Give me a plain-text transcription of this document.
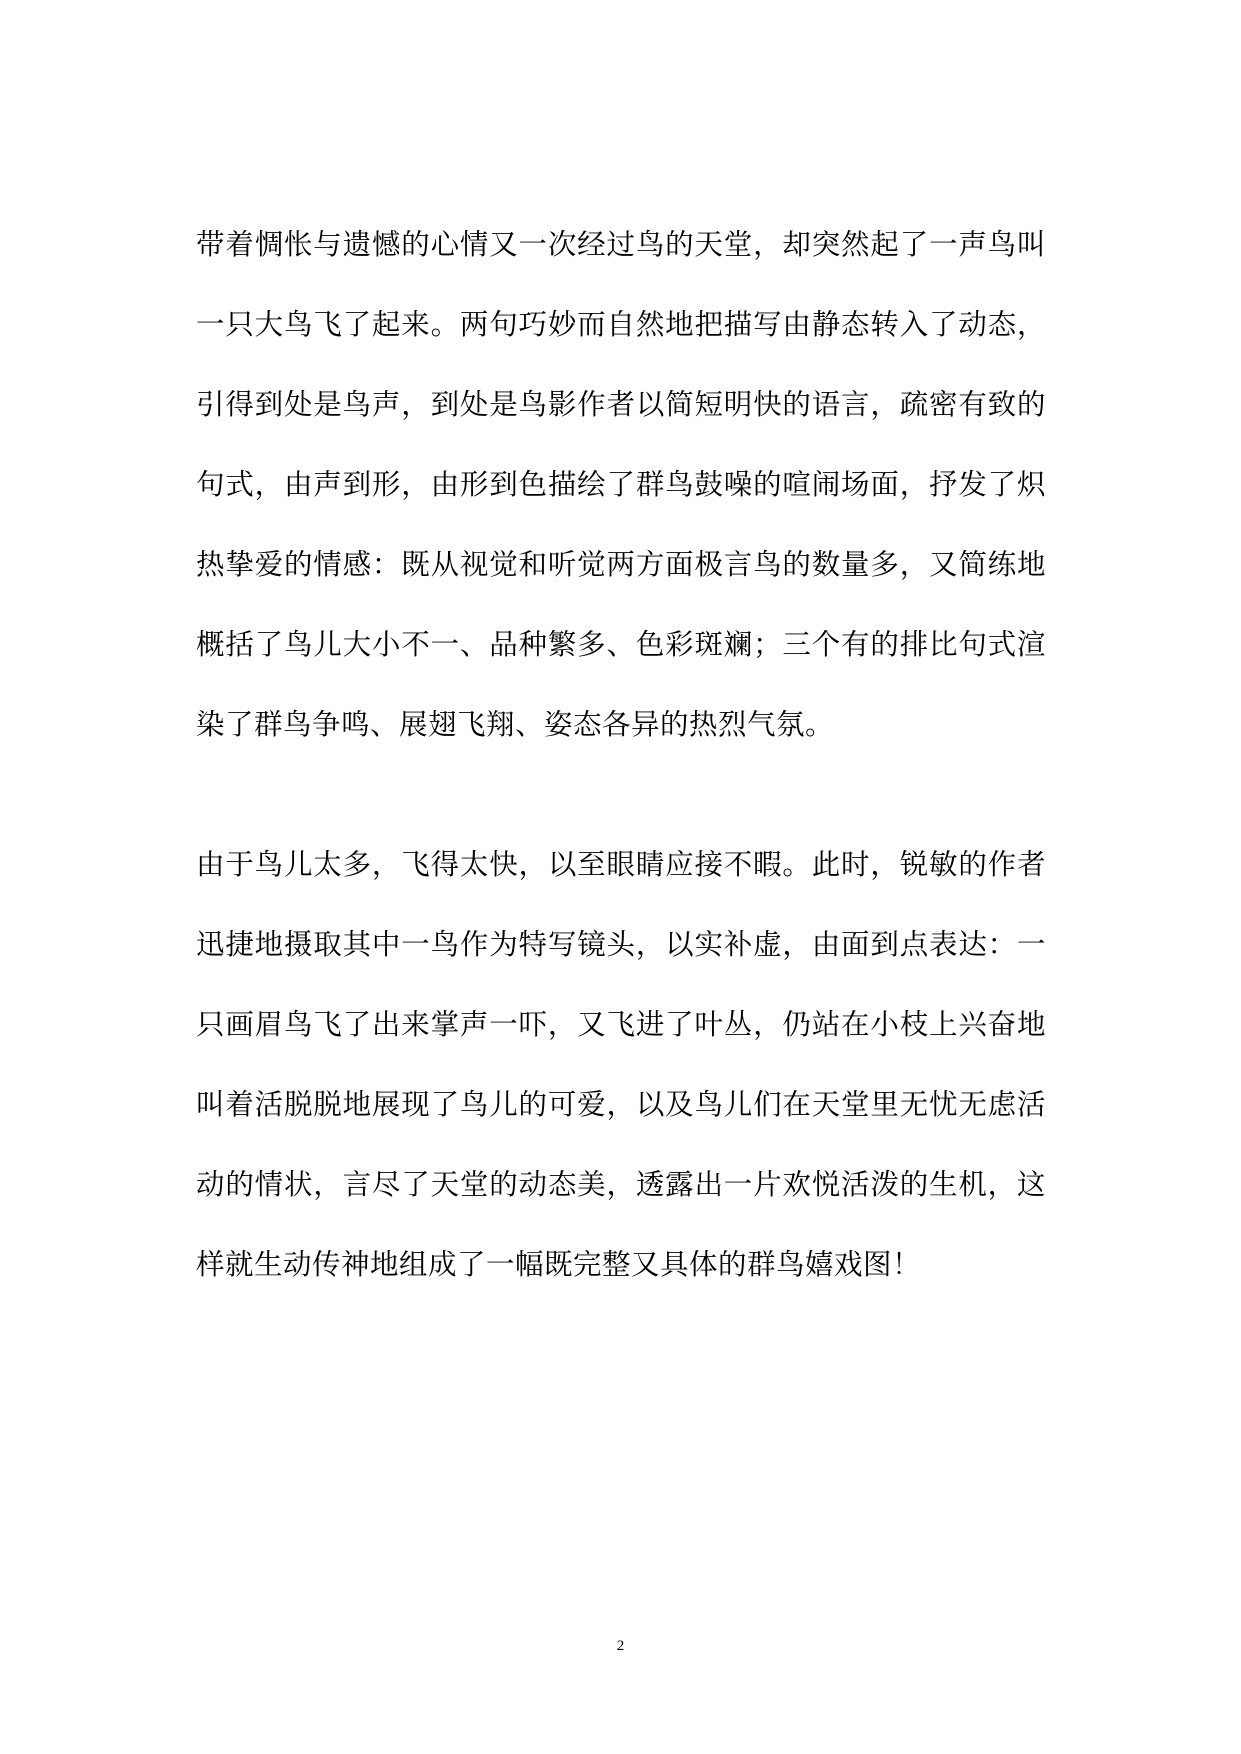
带着惆怅与遗憾的心情又一次经过鸟的天堂，却突然起了一声鸟叫
一只大鸟飞了起来。两句巧妙而自然地把描写由静态转入了动态，
引得到处是鸟声，到处是鸟影作者以简短明快的语言，疏密有致的
句式，由声到形，由形到色描绘了群鸟鼓噪的喧闹场面，抒发了炽
热挚爱的情感：既从视觉和听觉两方面极言鸟的数量多，又简练地
概括了鸟儿大小不一、品种繁多、色彩斑斓；三个有的排比句式渲
染了群鸟争鸣、展翅飞翔、姿态各异的热烈气氛。
由于鸟儿太多，飞得太快，以至眼睛应接不暇。此时，锐敏的作者
迅捷地摄取其中一鸟作为特写镜头，以实补虚，由面到点表达：一
只画眉鸟飞了出来掌声一吓，又飞进了叶丛，仍站在小枝上兴奋地
叫着活脱脱地展现了鸟儿的可爱，以及鸟儿们在天堂里无忧无虑活
动的情状，言尽了天堂的动态美，透露出一片欢悦活泼的生机，这
样就生动传神地组成了一幅既完整又具体的群鸟嬉戏图！
2
